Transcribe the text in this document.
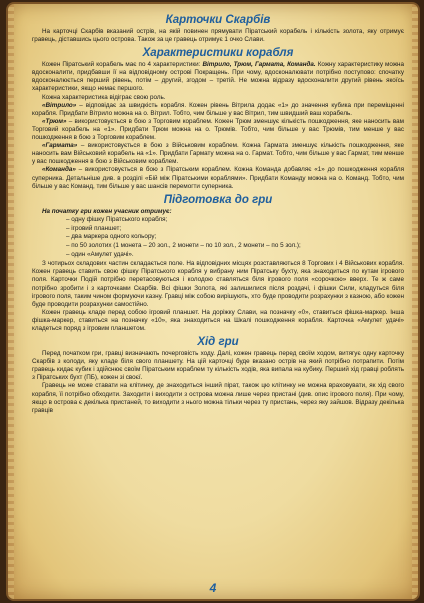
Карточки Скарбів

На карточці Скарбів вказаний острів, на якій повинен прямувати Піратський корабель і кількість золота, яку отримує гравець, діставшись цього острова. Також за це гравець отримує 1 очко Слави.

Характеристики корабля

Кожен Піратський корабель має по 4 характеристики: Вітрило, Трюм, Гармата, Команда. Кожну характеристику можна вдосконалити, придбавши її на відповідному острові Покращень. При чому, вдосконалювати потрібно поступово: спочатку вдосконалюється перший рівень, потім – другий, згодом – третій. Не можна відразу вдосконалити другий рівень якоїсь характеристики, якщо немає першого.

Кожна характеристика відіграє свою роль.

«Вітрило» – відповідає за швидкість корабля. Кожен рівень Вітрила додає «1» до значення кубика при переміщенні корабля. Придбати Вітрило можна на о. Вітрил. Тобто, чим більше у вас Вітрил, тим швидший ваш корабель.

«Трюм» – використовується в бою з Торговим кораблем. Кожен Трюм зменшує кількість пошкодження, яке наносить вам Торговий корабель на «1». Придбати Трюм можна на о. Трюмів. Тобто, чим більше у вас Трюмів, тим менше у вас пошкодження в бою з Торговим кораблем.

«Гармата» – використовується в бою з Військовим кораблем. Кожна Гармата зменшує кількість пошкодження, яке наносить вам Військовий корабель на «1». Придбати Гармату можна на о. Гармат. Тобто, чим більше у вас Гармат, тим менше у вас пошкодження в бою з Військовим кораблем.

«Команда» – використовується в бою з Піратським кораблем. Кожна Команда добавляє «1» до пошкодження корабля суперника. Детальніше див. в розділі «Бій між Піратськими кораблями». Придбати Команду можна на о. Команд. Тобто, чим більше у вас Команд, тим більше у вас шансів перемогти суперника.

Підготовка до гри
На початку гри кожен учасник отримує:
– одну фішку Піратського корабля;
– ігровий планшет;
– два маркера одного кольору;
– по 50 золотих (1 монета – 20 зол., 2 монети – по 10 зол., 2 монети – по 5 зол.);
– один «Амулет удачі».

З чотирьох складових частин складається поле. На відповідних місцях розставляються 8 Торгових і 4 Військових корабля. Кожен гравець ставить свою фішку Піратського корабля у вибрану ним Піратську бухту, яка знаходиться по кутам ігрового поля. Карточки Подій потрібно перетасовуються і колодою ставляться біля ігрового поля «сорочкою» вверх. Те ж саме потрібно зробити і з карточками Скарбів. Всі фішки Золота, які залишилися після роздачі, і фішки Сили, кладуться біля ігрового поля, таким чином формуючи казну. Гравці між собою вирішують, хто буде проводити розрахунки з казною, або кожен буде проводити розрахунки самостійно.

Кожен гравець кладе перед собою ігровий планшет. На доріжку Слави, на позначку «0», ставиться фішка-маркер. Інша фішка-маркер, ставиться на позначку «10», яка знаходиться на Шкалі пошкодження корабля. Карточка «Амулет удачі» кладеться поряд з ігровим планшетом.

Хід гри

Перед початком гри, гравці визначають почерговість ходу. Далі, кожен гравець перед своїм ходом, витягує одну карточку Скарбів з колоди, яку кладе біля свого планшету. На цій карточці буде вказано острів на який потрібно потрапити. Потім гравець кидає кубик і здійснює своїм Піратським кораблем ту кількість ходів, яка випала на кубику. Перший хід гравці роблять з Піратських бухт (ПБ), кожен зі своєї.

Гравець не може ставати на клітинку, де знаходиться інший пірат, також цю клітинку не можна враховувати, як хід свого корабля, її потрібно обходити. Заходити і виходити з острова можна лише через пристані (див. опис ігрового поля). При чому, якщо в острова є декілька пристаней, то виходити з нього можна тільки через ту пристань, через яку зайшов. Відразу декілька гравців

4
